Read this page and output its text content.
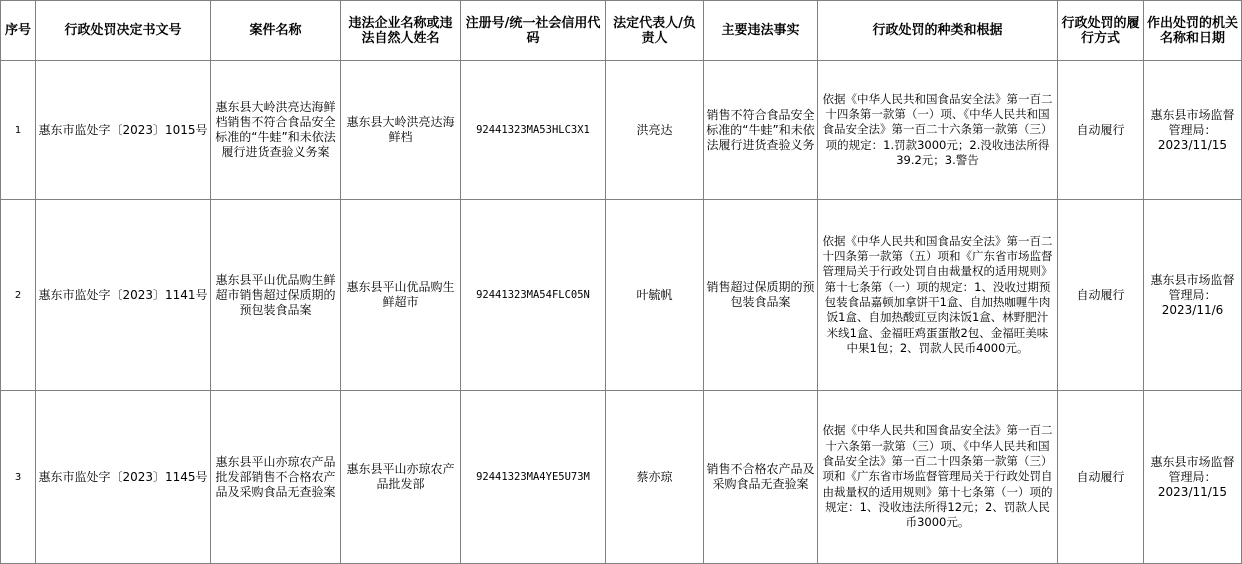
序号	行政处罚决定书文号	案件名称	违法企业名称或违法自然人姓名	注册号/统一社会信用代码	法定代表人/负责人	主要违法事实	行政处罚的种类和根据	行政处罚的履行方式	作出处罚的机关名称和日期
1	惠东市监处字〔2023〕1015号	惠东县大岭洪亮达海鲜档销售不符合食品安全标准的“牛蛙”和未依法履行进货查验义务案	惠东县大岭洪亮达海鲜档	92441323MA53HLC3X1	洪亮达	销售不符合食品安全标准的“牛蛙”和未依法履行进货查验义务	依据《中华人民共和国食品安全法》第一百二十四条第一款第（一）项、《中华人民共和国食品安全法》第一百二十六条第一款第（三）项的规定：1.罚款3000元；2.没收违法所得39.2元；3.警告	自动履行	惠东县市场监督管理局：2023/11/15
2	惠东市监处字〔2023〕1141号	惠东县平山优品购生鲜超市销售超过保质期的预包装食品案	惠东县平山优品购生鲜超市	92441323MA54FLC05N	叶毓帆	销售超过保质期的预包装食品案	依据《中华人民共和国食品安全法》第一百二十四条第一款第（五）项和《广东省市场监督管理局关于行政处罚自由裁量权的适用规则》第十七条第（一）项的规定：1、没收过期预包装食品嘉顿加拿饼干1盒、自加热咖喱牛肉饭1盒、自加热酸豇豆肉沫饭1盒、林野肥汁米线1盒、金福旺鸡蛋蛋散2包、金福旺美味中果1包；2、罚款人民币4000元。	自动履行	惠东县市场监督管理局：2023/11/6
3	惠东市监处字〔2023〕1145号	惠东县平山亦琼农产品批发部销售不合格农产品及采购食品无查验案	惠东县平山亦琼农产品批发部	92441323MA4YE5U73M	蔡亦琼	销售不合格农产品及采购食品无查验案	依据《中华人民共和国食品安全法》第一百二十六条第一款第（三）项、《中华人民共和国食品安全法》第一百二十四条第一款第（三）项和《广东省市场监督管理局关于行政处罚自由裁量权的适用规则》第十七条第（一）项的规定：1、没收违法所得12元；2、罚款人民币3000元。	自动履行	惠东县市场监督管理局：2023/11/15
